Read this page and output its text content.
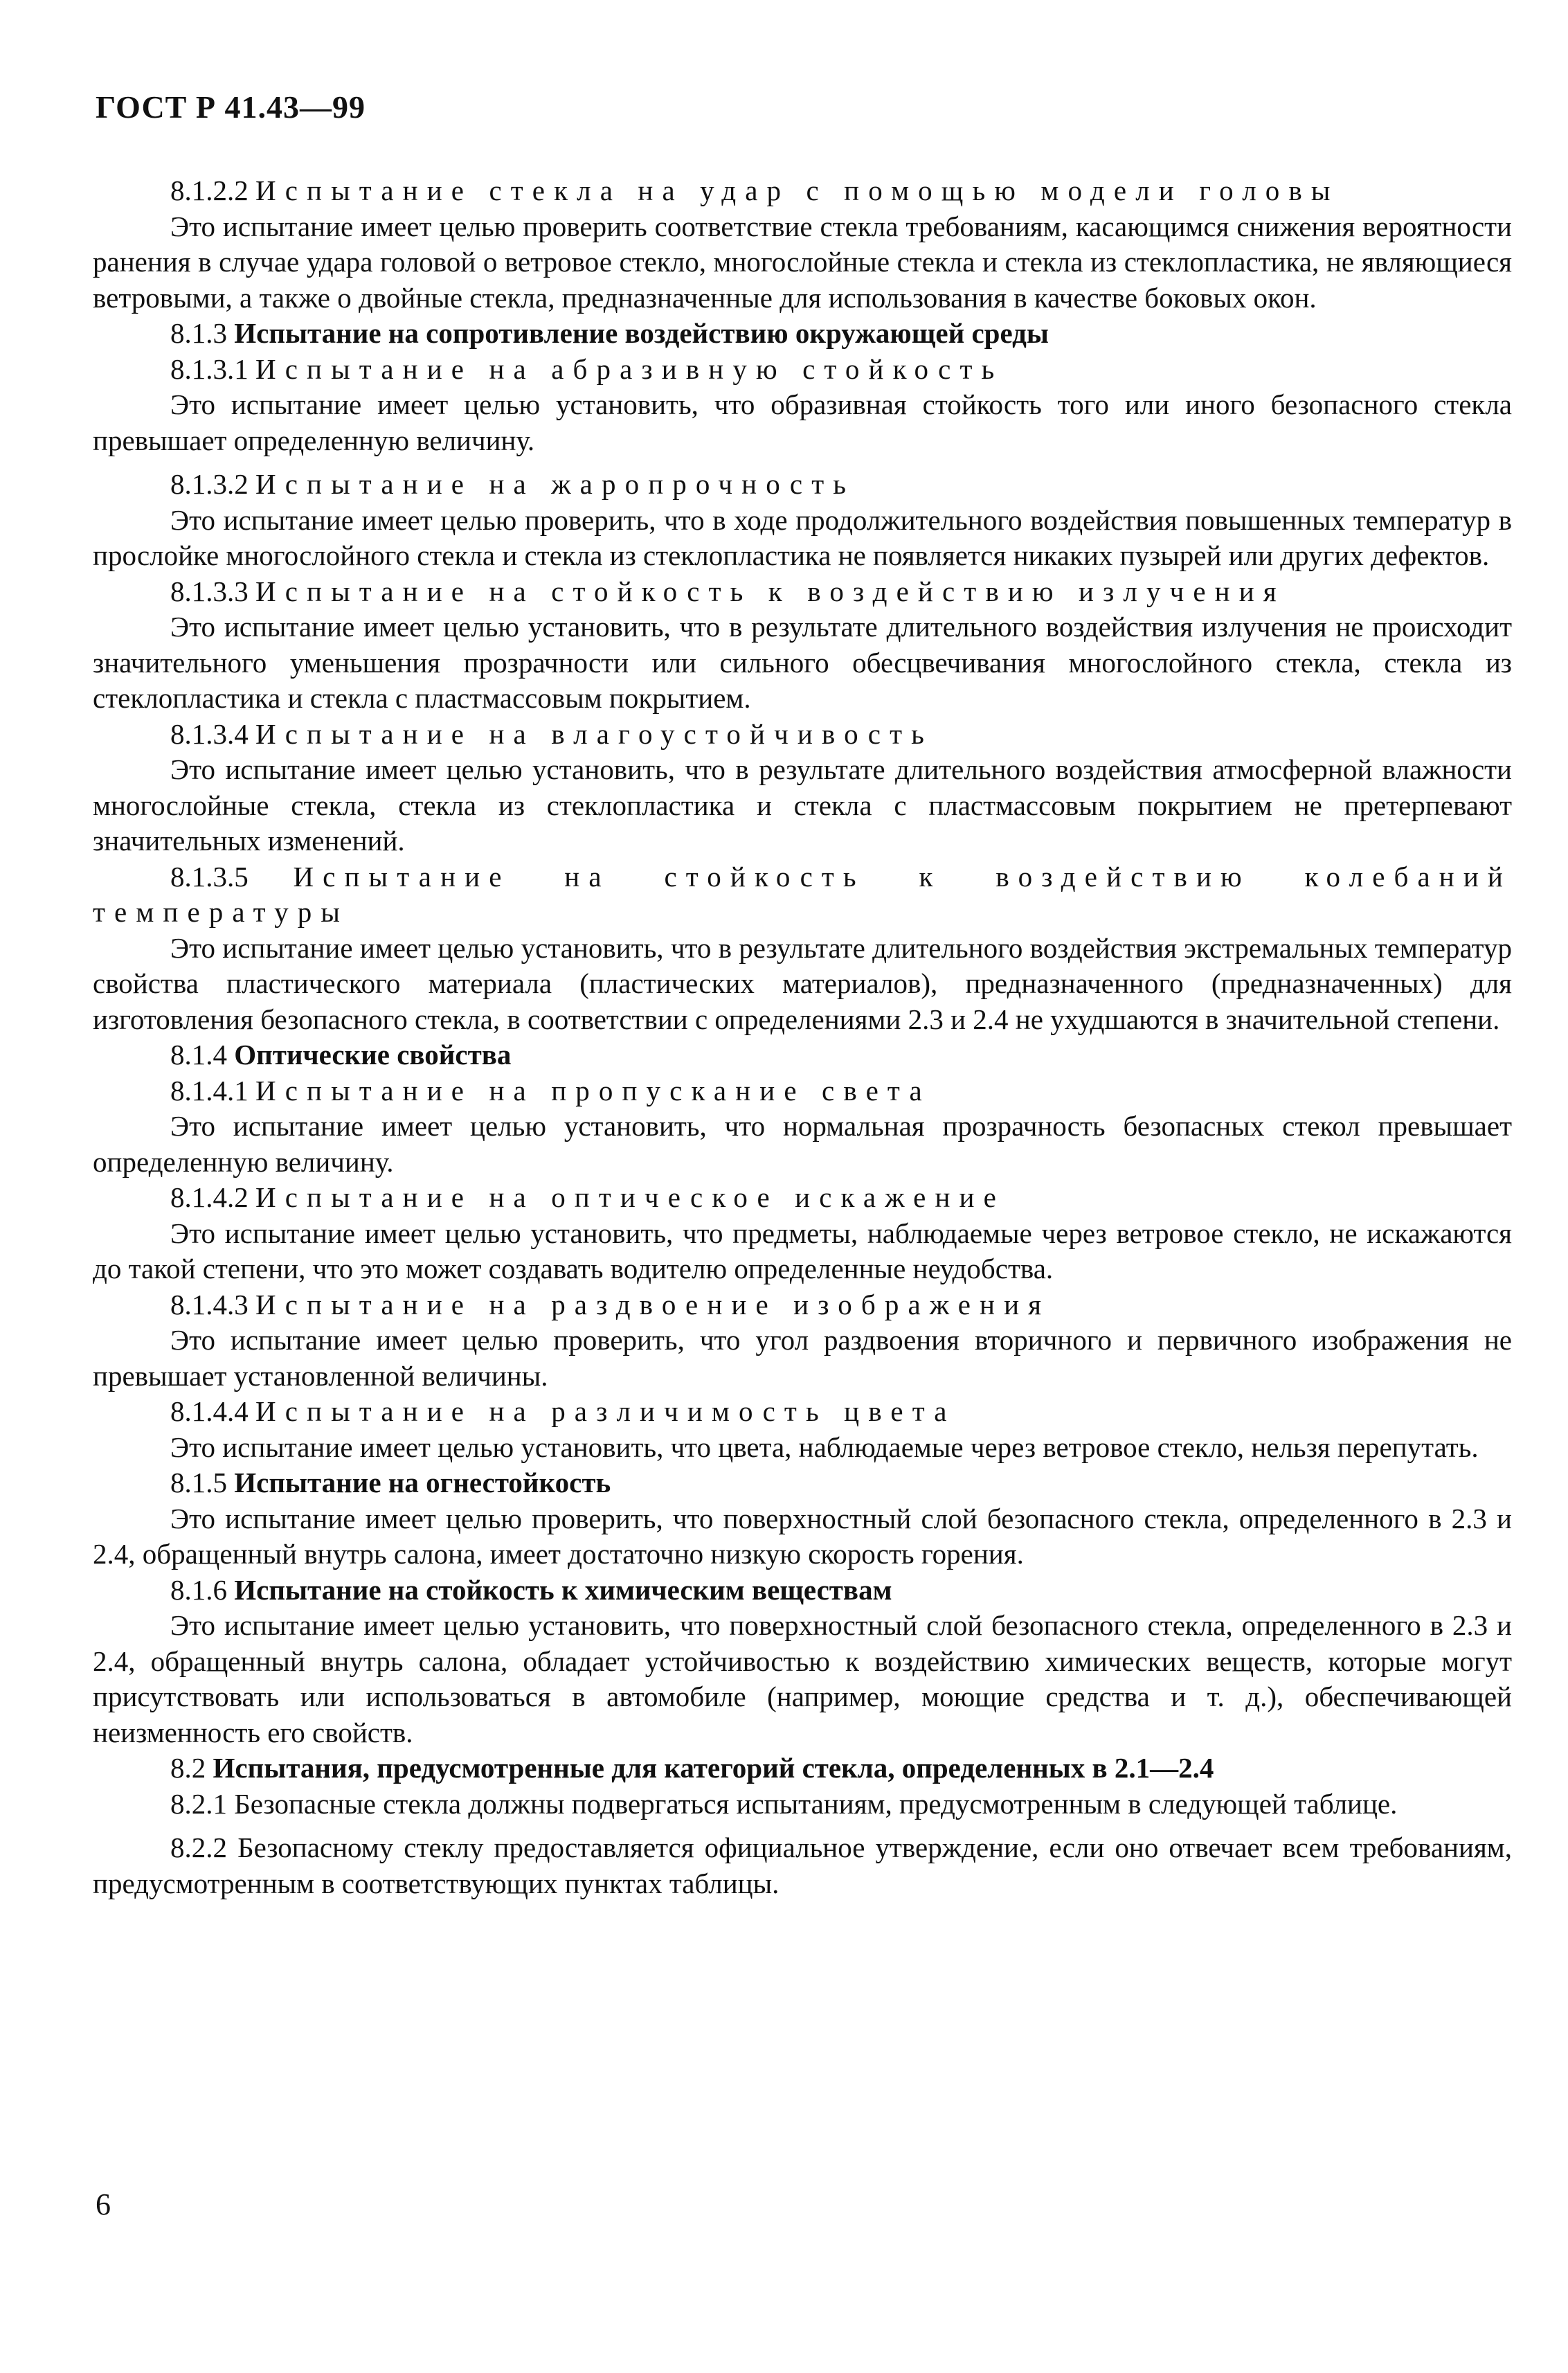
ГОСТ Р 41.43—99

8.1.2.2 Испытание стекла на удар с помощью модели головы

Это испытание имеет целью проверить соответствие стекла требованиям, касающимся снижения вероятности ранения в случае удара головой о ветровое стекло, многослойные стекла и стекла из стеклопластика, не являющиеся ветровыми, а также о двойные стекла, предназначенные для использования в качестве боковых окон.

8.1.3 Испытание на сопротивление воздействию окружающей среды

8.1.3.1 Испытание на абразивную стойкость

Это испытание имеет целью установить, что образивная стойкость того или иного безопасного стекла превышает определенную величину.

8.1.3.2 Испытание на жаропрочность

Это испытание имеет целью проверить, что в ходе продолжительного воздействия повышенных температур в прослойке многослойного стекла и стекла из стеклопластика не появляется никаких пузырей или других дефектов.

8.1.3.3 Испытание на стойкость к воздействию излучения

Это испытание имеет целью установить, что в результате длительного воздействия излучения не происходит значительного уменьшения прозрачности или сильного обесцвечивания многослойного стекла, стекла из стеклопластика и стекла с пластмассовым покрытием.

8.1.3.4 Испытание на влагоустойчивость

Это испытание имеет целью установить, что в результате длительного воздействия атмосферной влажности многослойные стекла, стекла из стеклопластика и стекла с пластмассовым покрытием не претерпевают значительных изменений.

8.1.3.5 Испытание на стойкость к воздействию колебаний температуры

Это испытание имеет целью установить, что в результате длительного воздействия экстремальных температур свойства пластического материала (пластических материалов), предназначенного (предназначенных) для изготовления безопасного стекла, в соответствии с определениями 2.3 и 2.4 не ухудшаются в значительной степени.

8.1.4 Оптические свойства

8.1.4.1 Испытание на пропускание света

Это испытание имеет целью установить, что нормальная прозрачность безопасных стекол превышает определенную величину.

8.1.4.2 Испытание на оптическое искажение

Это испытание имеет целью установить, что предметы, наблюдаемые через ветровое стекло, не искажаются до такой степени, что это может создавать водителю определенные неудобства.

8.1.4.3 Испытание на раздвоение изображения

Это испытание имеет целью проверить, что угол раздвоения вторичного и первичного изображения не превышает установленной величины.

8.1.4.4 Испытание на различимость цвета

Это испытание имеет целью установить, что цвета, наблюдаемые через ветровое стекло, нельзя перепутать.

8.1.5 Испытание на огнестойкость

Это испытание имеет целью проверить, что поверхностный слой безопасного стекла, определенного в 2.3 и 2.4, обращенный внутрь салона, имеет достаточно низкую скорость горения.

8.1.6 Испытание на стойкость к химическим веществам

Это испытание имеет целью установить, что поверхностный слой безопасного стекла, определенного в 2.3 и 2.4, обращенный внутрь салона, обладает устойчивостью к воздействию химических веществ, которые могут присутствовать или использоваться в автомобиле (например, моющие средства и т. д.), обеспечивающей неизменность его свойств.

8.2 Испытания, предусмотренные для категорий стекла, определенных в 2.1—2.4

8.2.1 Безопасные стекла должны подвергаться испытаниям, предусмотренным в следующей таблице.

8.2.2 Безопасному стеклу предоставляется официальное утверждение, если оно отвечает всем требованиям, предусмотренным в соответствующих пунктах таблицы.

6
